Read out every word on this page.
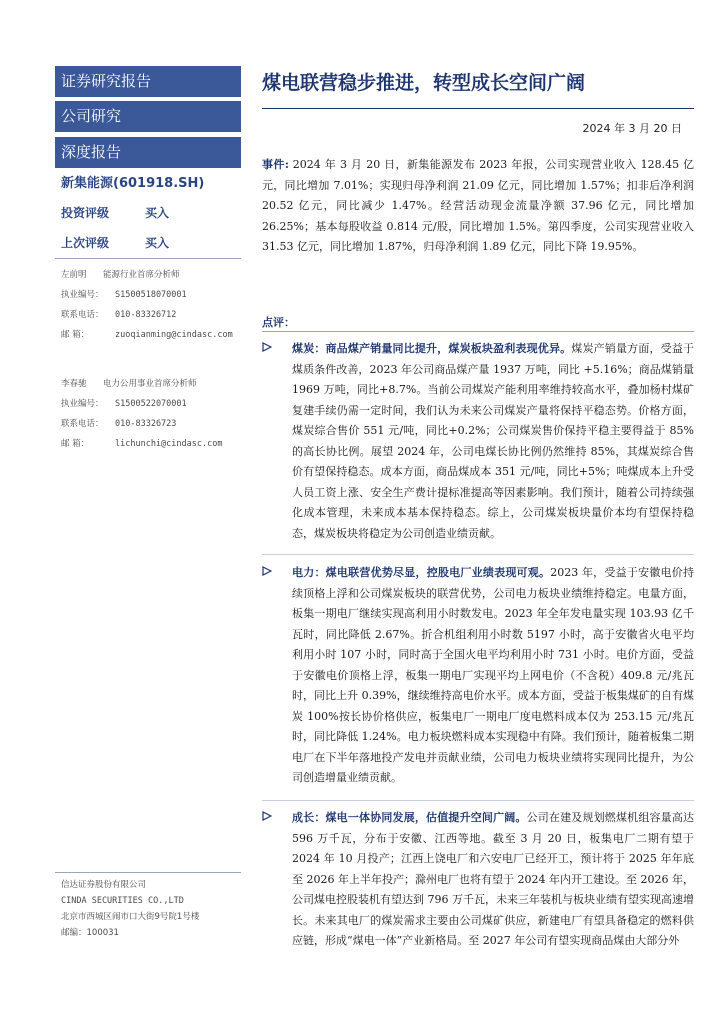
证券研究报告
公司研究
深度报告
新集能源(601918.SH)
投资评级	买入
上次评级	买入
左前明 能源行业首席分析师
执业编号： S1500518070001
联系电话： 010-83326712
邮 箱：	zuoqianming@cindasc.com
李春驰 电力公用事业首席分析师
执业编号： S1500522070001
联系电话： 010-83326723
邮 箱：	lichunchi@cindasc.com
信达证券股份有限公司
CINDA SECURITIES CO.,LTD
北京市西城区闹市口大街9号院1号楼
邮编：100031
煤电联营稳步推进，转型成长空间广阔
2024 年 3 月 20 日
事件: 2024 年 3 月 20 日，新集能源发布 2023 年报，公司实现营业收入 128.45 亿元，同比增加 7.01%；实现归母净利润 21.09 亿元，同比增加 1.57%；扣非后净利润 20.52 亿元，同比减少 1.47%。经营活动现金流量净额 37.96 亿元，同比增加 26.25%；基本每股收益 0.814 元/股，同比增加 1.5%。第四季度，公司实现营业收入 31.53 亿元，同比增加 1.87%，归母净利润 1.89 亿元，同比下降 19.95%。
点评：
煤炭：商品煤产销量同比提升，煤炭板块盈利表现优异。煤炭产销量方面，受益于煤质条件改善，2023 年公司商品煤产量 1937 万吨，同比 +5.16%；商品煤销量 1969 万吨，同比+8.7%。当前公司煤炭产能利用率维持较高水平，叠加杨村煤矿复建手续仍需一定时间，我们认为未来公司煤炭产量将保持平稳态势。价格方面，煤炭综合售价 551 元/吨，同比+0.2%；公司煤炭售价保持平稳主要得益于 85%的高长协比例。展望 2024 年，公司电煤长协比例仍然维持 85%，其煤炭综合售价有望保持稳态。成本方面，商品煤成本 351 元/吨，同比+5%；吨煤成本上升受人员工资上涨、安全生产费计提标准提高等因素影响。我们预计，随着公司持续强化成本管理，未来成本基本保持稳态。综上，公司煤炭板块量价本均有望保持稳态，煤炭板块将稳定为公司创造业绩贡献。
电力：煤电联营优势尽显，控股电厂业绩表现可观。2023 年，受益于安徽电价持续顶格上浮和公司煤炭板块的联营优势，公司电力板块业绩维持稳定。电量方面，板集一期电厂继续实现高利用小时数发电。2023 年全年发电量实现 103.93 亿千瓦时，同比降低 2.67%。折合机组利用小时数 5197 小时，高于安徽省火电平均利用小时 107 小时，同时高于全国火电平均利用小时 731 小时。电价方面，受益于安徽电价顶格上浮，板集一期电厂实现平均上网电价（不含税）409.8 元/兆瓦时，同比上升 0.39%，继续维持高电价水平。成本方面，受益于板集煤矿的自有煤炭 100%按长协价格供应，板集电厂一期电厂度电燃料成本仅为 253.15 元/兆瓦时，同比降低 1.24%。电力板块燃料成本实现稳中有降。我们预计，随着板集二期电厂在下半年落地投产发电并贡献业绩，公司电力板块业绩将实现同比提升，为公司创造增量业绩贡献。
成长：煤电一体协同发展，估值提升空间广阔。公司在建及规划燃煤机组容量高达 596 万千瓦，分布于安徽、江西等地。截至 3 月 20 日，板集电厂二期有望于 2024 年 10 月投产；江西上饶电厂和六安电厂已经开工，预计将于 2025 年年底至 2026 年上半年投产；滁州电厂也将有望于 2024 年内开工建设。至 2026 年，公司煤电控股装机有望达到 796 万千瓦，未来三年装机与板块业绩有望实现高速增长。未来其电厂的煤炭需求主要由公司煤矿供应，新建电厂有望具备稳定的燃料供应链，形成“煤电一体”产业新格局。至 2027 年公司有望实现商品煤由大部分外
